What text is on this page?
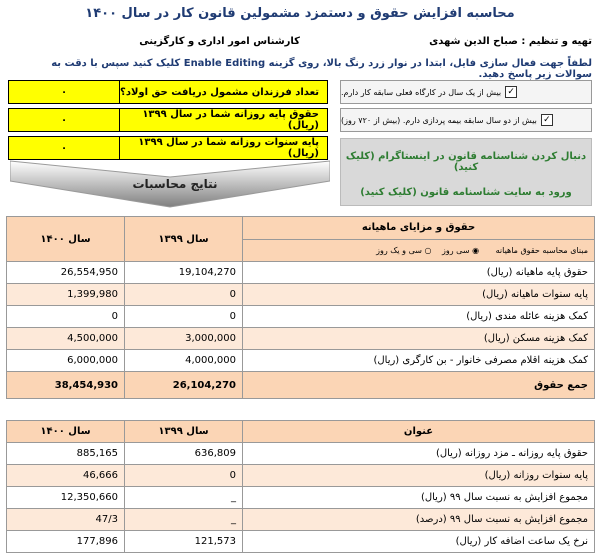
محاسبه افزایش حقوق و دستمزد مشمولین قانون کار در سال ۱۴۰۰
تهیه و تنظیم : صباح الدین شهدی
کارشناس امور اداری و کارگزینی
لطفاً جهت فعال سازی فایل، ابتدا در نوار زرد رنگ بالا، روی گزینه Enable Editing کلیک کنید سپس با دقت به سوالات زیر پاسخ دهید.
۰	تعداد فرزندان مشمول دریافت حق اولاد؟
۰	حقوق پایه روزانه شما در سال ۱۳۹۹ (ریال)
۰	پایه سنوات روزانه شما در سال ۱۳۹۹ (ریال)
✓
بیش از یک سال در کارگاه فعلی سابقه کار دارم.
✓
بیش از دو سال سابقه بیمه پردازی دارم. (بیش از ۷۲۰ روز)
دنبال کردن شناسنامه قانون در اینستاگرام (کلیک کنید)
ورود به سایت شناسنامه قانون (کلیک کنید)
نتایج محاسبات
سال ۱۴۰۰	سال ۱۳۹۹	حقوق و مزایای ماهیانه
		مبنای محاسبه حقوق ماهیانه ◉ سی روز ○ سی و یک روز
26,554,950	19,104,270	حقوق پایه ماهیانه (ریال)
1,399,980	0	پایه سنوات ماهیانه (ریال)
0	0	کمک هزینه عائله مندی (ریال)
4,500,000	3,000,000	کمک هزینه مسکن (ریال)
6,000,000	4,000,000	کمک هزینه اقلام مصرفی خانوار - بن کارگری (ریال)
38,454,930	26,104,270	جمع حقوق
سال ۱۴۰۰	سال ۱۳۹۹	عنوان
885,165	636,809	حقوق پایه روزانه ـ مزد روزانه (ریال)
46,666	0	پایه سنوات روزانه (ریال)
12,350,660	_	مجموع افزایش به نسبت سال ۹۹ (ریال)
47/3	_	مجموع افزایش به نسبت سال ۹۹ (درصد)
177,896	121,573	نرخ یک ساعت اضافه کار (ریال)
